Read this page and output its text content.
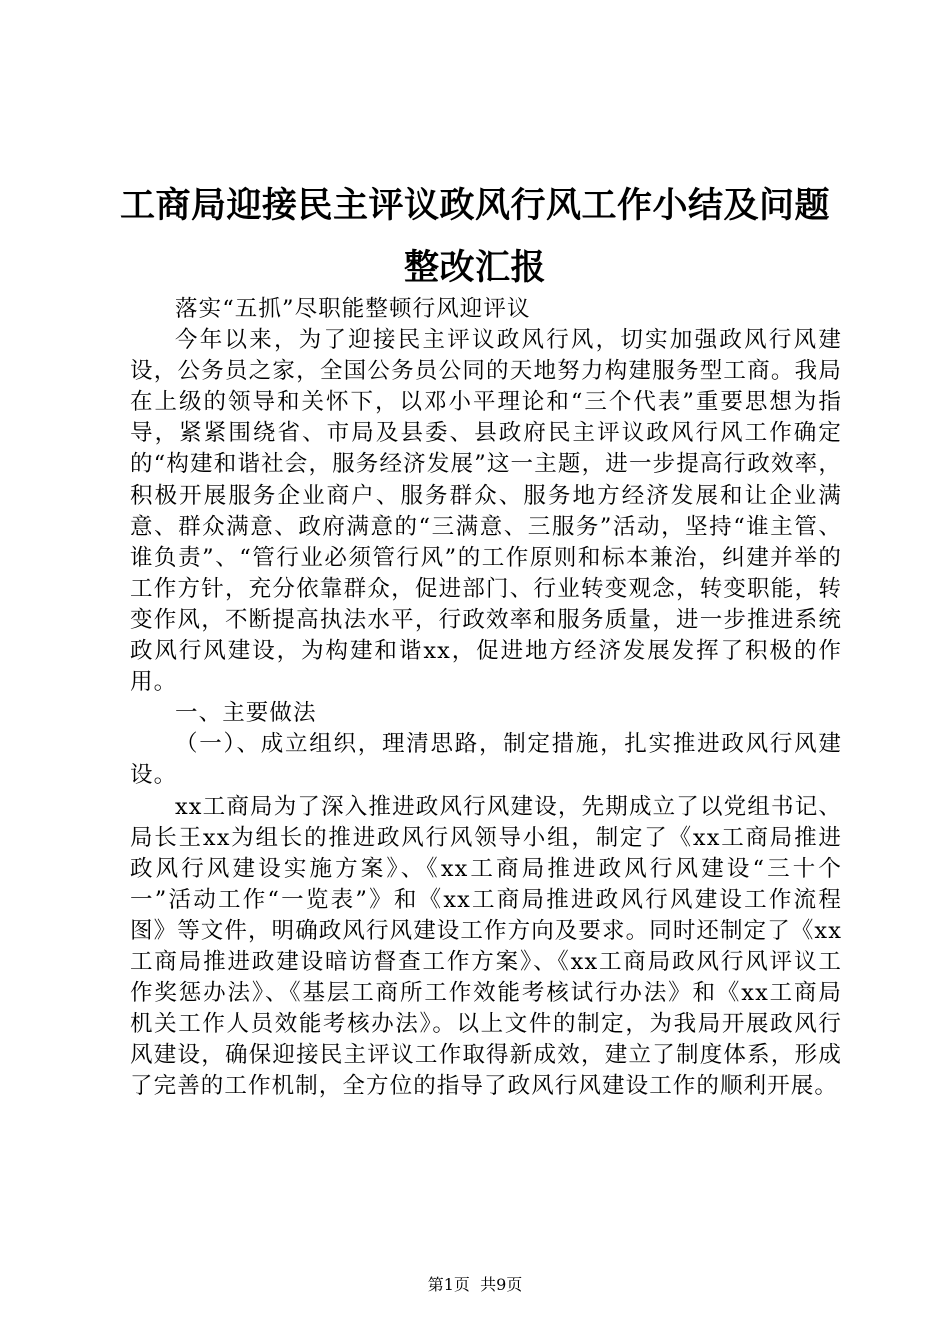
工商局迎接民主评议政风行风工作小结及问题
整改汇报

落实“五抓”尽职能整顿行风迎评议

今年以来，为了迎接民主评议政风行风，切实加强政风行风建设，公务员之家，全国公务员公同的天地努力构建服务型工商。我局在上级的领导和关怀下，以邓小平理论和“三个代表”重要思想为指导，紧紧围绕省、市局及县委、县政府民主评议政风行风工作确定的“构建和谐社会，服务经济发展”这一主题，进一步提高行政效率，积极开展服务企业商户、服务群众、服务地方经济发展和让企业满意、群众满意、政府满意的“三满意、三服务”活动，坚持“谁主管、谁负责”、“管行业必须管行风”的工作原则和标本兼治，纠建并举的工作方针，充分依靠群众，促进部门、行业转变观念，转变职能，转变作风，不断提高执法水平，行政效率和服务质量，进一步推进系统政风行风建设，为构建和谐xx，促进地方经济发展发挥了积极的作用。

一、主要做法

（一）、成立组织，理清思路，制定措施，扎实推进政风行风建设。

xx工商局为了深入推进政风行风建设，先期成立了以党组书记、局长王xx为组长的推进政风行风领导小组，制定了《xx工商局推进政风行风建设实施方案》、《xx工商局推进政风行风建设“三十个一”活动工作“一览表”》和《xx工商局推进政风行风建设工作流程图》等文件，明确政风行风建设工作方向及要求。同时还制定了《xx工商局推进政建设暗访督查工作方案》、《xx工商局政风行风评议工作奖惩办法》、《基层工商所工作效能考核试行办法》和《xx工商局机关工作人员效能考核办法》。以上文件的制定，为我局开展政风行风建设，确保迎接民主评议工作取得新成效，建立了制度体系，形成了完善的工作机制，全方位的指导了政风行风建设工作的顺利开展。

第1页  共9页
